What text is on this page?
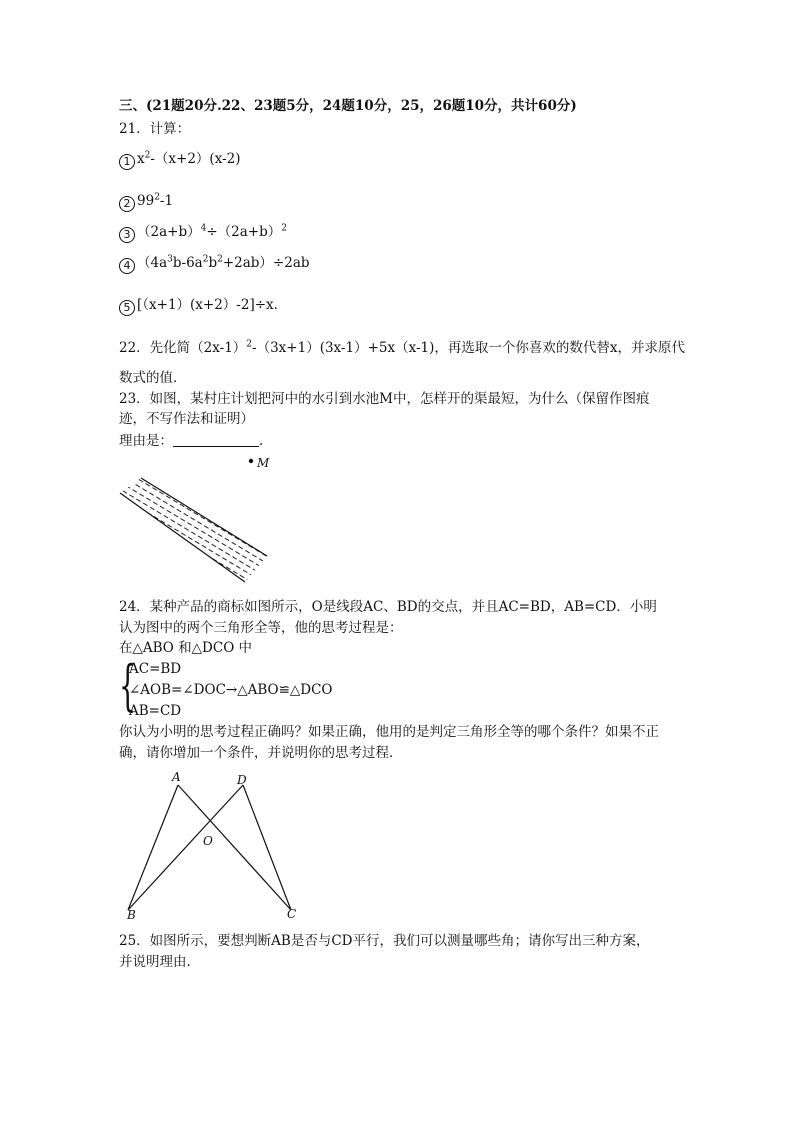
三、(21题20分.22、23题5分，24题10分，25，26题10分，共计60分)
21．计算：
1 $x^2-(x+2)(x-2)$
2 $99^2-1$
3 $(2a+b)^4\div(2a+b)^2$
4 $(4a^3b-6a^2b^2+2ab)\div 2ab$
5 [（x+1）(x+2）-2]÷x．
22．先化简$(2x-1)^2-(3x+1)(3x-1)+5x(x-1)$，再选取一个你喜欢的数代替x，并求原代
数式的值．
23．如图，某村庄计划把河中的水引到水池M中，怎样开的渠最短，为什么（保留作图痕
迹，不写作法和证明）
理由是：	．
M
24．某种产品的商标如图所示，O是线段AC、BD的交点，并且AC=BD，AB=CD．小明
认为图中的两个三角形全等，他的思考过程是：
在△ABO 和△DCO 中
{
AC=BD
∠AOB=∠DOC→△ABO≌△DCO
AB=CD
你认为小明的思考过程正确吗？如果正确，他用的是判定三角形全等的哪个条件？如果不正
确，请你增加一个条件，并说明你的思考过程．
A	D
O
B	C
25．如图所示，要想判断AB是否与CD平行，我们可以测量哪些角；请你写出三种方案，
并说明理由．
